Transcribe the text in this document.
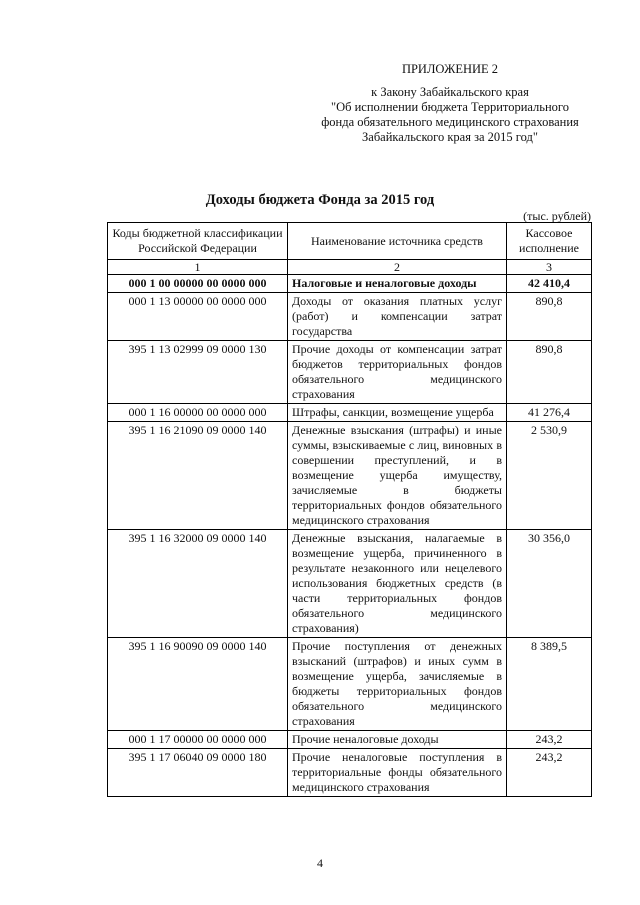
ПРИЛОЖЕНИЕ 2
к Закону Забайкальского края
"Об исполнении бюджета Территориального
фонда обязательного медицинского страхования
Забайкальского края за 2015 год"
Доходы бюджета Фонда за 2015 год
(тыс. рублей)
Коды бюджетной классификации Российской Федерации	Наименование источника средств	Кассовое исполнение
1	2	3
000 1 00 00000 00 0000 000	Налоговые и неналоговые доходы	42 410,4
000 1 13 00000 00 0000 000	Доходы от оказания платных услуг (работ) и компенсации затрат государства	890,8
395 1 13 02999 09 0000 130	Прочие доходы от компенсации затрат бюджетов территориальных фондов обязательного медицинского страхования	890,8
000 1 16 00000 00 0000 000	Штрафы, санкции, возмещение ущерба	41 276,4
395 1 16 21090 09 0000 140	Денежные взыскания (штрафы) и иные суммы, взыскиваемые с лиц, виновных в совершении преступлений, и в возмещение ущерба имуществу, зачисляемые в бюджеты территориальных фондов обязательного медицинского страхования	2 530,9
395 1 16 32000 09 0000 140	Денежные взыскания, налагаемые в возмещение ущерба, причиненного в результате незаконного или нецелевого использования бюджетных средств (в части территориальных фондов обязательного медицинского страхования)	30 356,0
395 1 16 90090 09 0000 140	Прочие поступления от денежных взысканий (штрафов) и иных сумм в возмещение ущерба, зачисляемые в бюджеты территориальных фондов обязательного медицинского страхования	8 389,5
000 1 17 00000 00 0000 000	Прочие неналоговые доходы	243,2
395 1 17 06040 09 0000 180	Прочие неналоговые поступления в территориальные фонды обязательного медицинского страхования	243,2
4
